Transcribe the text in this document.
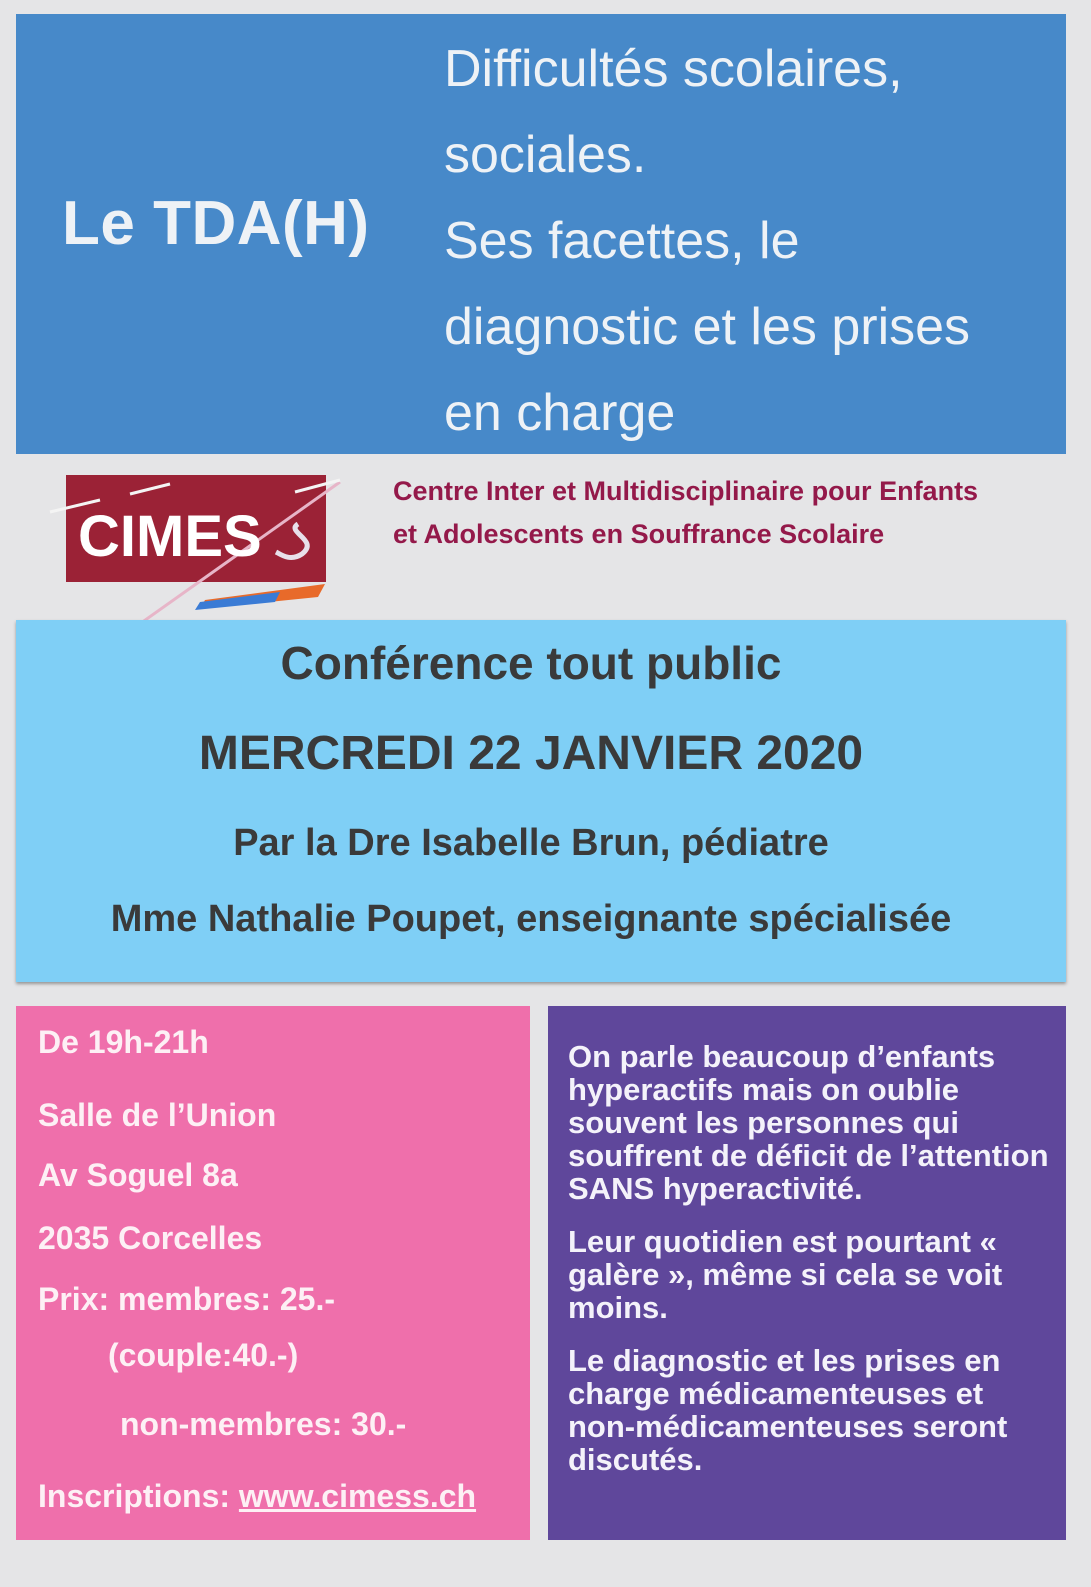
Le TDA(H)
Difficultés scolaires,
sociales.
Ses facettes, le
diagnostic et les prises
en charge
CIMES
Centre Inter et Multidisciplinaire pour Enfants
et Adolescents en Souffrance Scolaire
Conférence tout public
MERCREDI 22 JANVIER 2020
Par la Dre Isabelle Brun, pédiatre
Mme Nathalie Poupet, enseignante spécialisée
De 19h-21h
Salle de l’Union
Av Soguel 8a
2035 Corcelles
Prix: membres: 25.-
(couple:40.-)
non-membres: 30.-
Inscriptions: www.cimess.ch

On parle beaucoup d’enfants hyperactifs mais on oublie souvent les personnes qui souffrent de déficit de l’attention SANS hyperactivité.

Leur quotidien est pourtant « galère », même si cela se voit moins.

Le diagnostic et les prises en charge médicamenteuses et non-médicamenteuses seront discutés.
